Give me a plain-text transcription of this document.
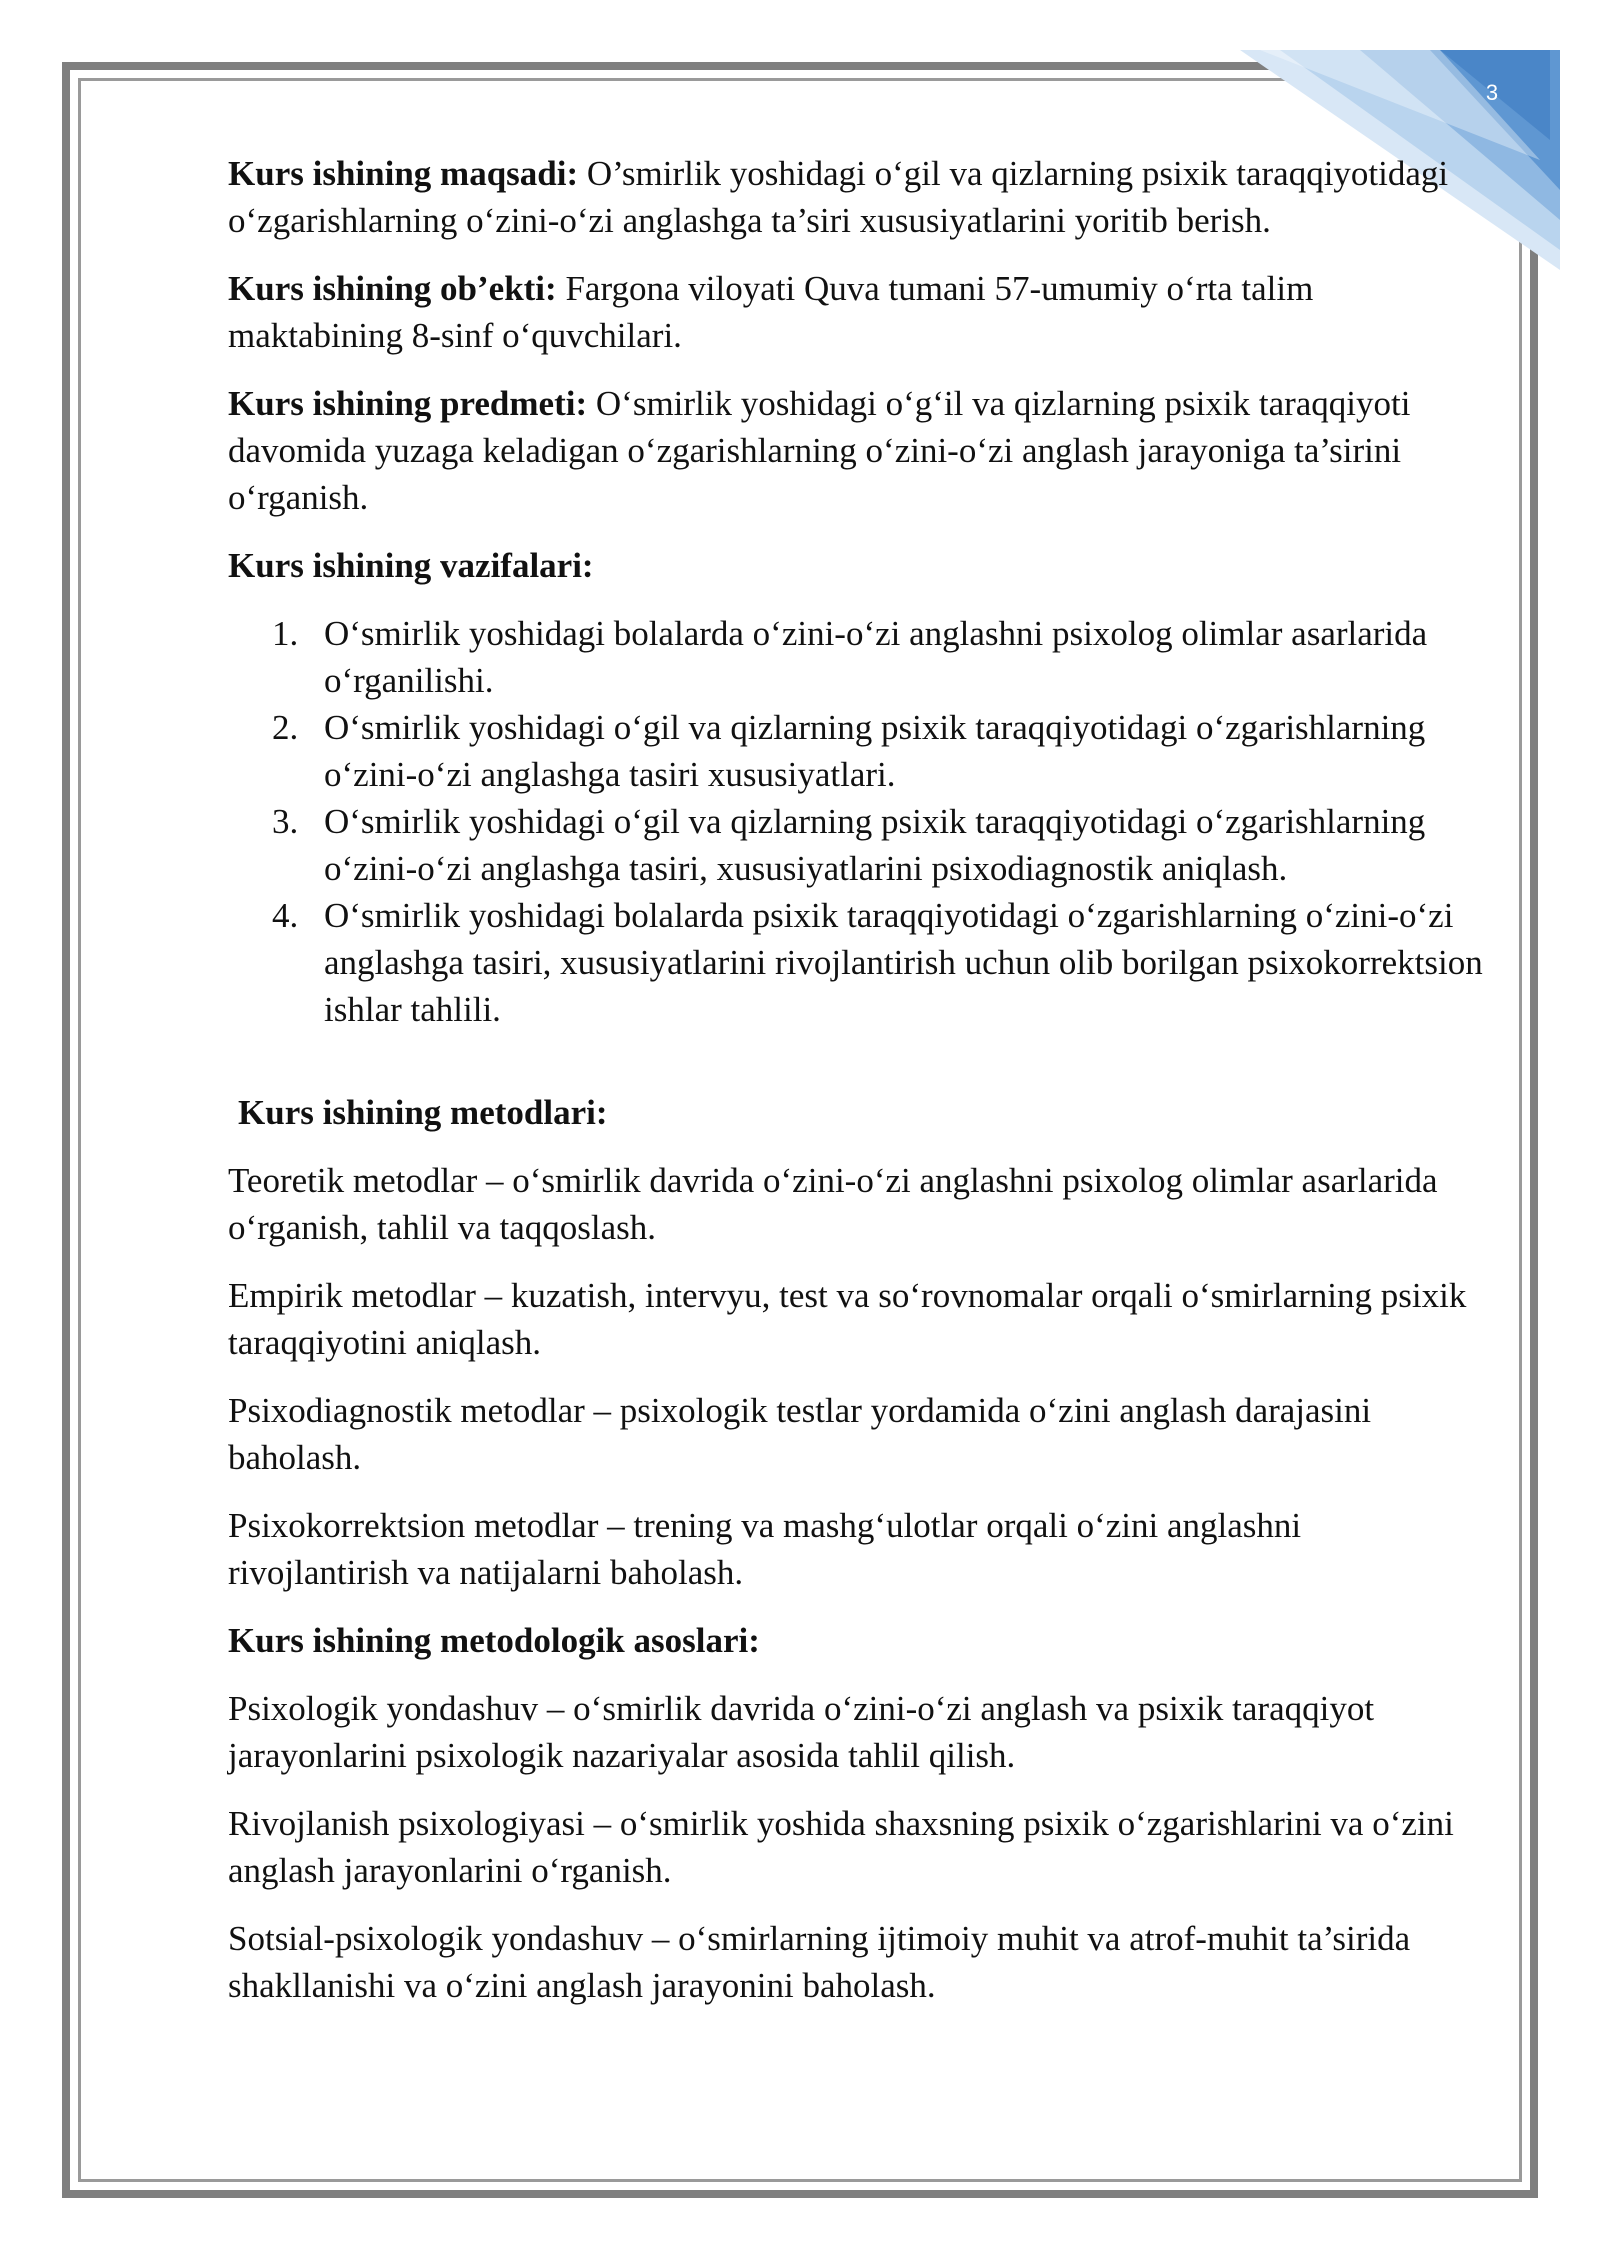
3

Kurs ishining maqsadi: O’smirlik yoshidagi o‘gil va qizlarning psixik taraqqiyotidagi o‘zgarishlarning o‘zini-o‘zi anglashga ta’siri xususiyatlarini yoritib berish.

Kurs ishining ob’ekti: Fargona viloyati Quva tumani 57-umumiy o‘rta talim maktabining 8-sinf o‘quvchilari.

Kurs ishining predmeti: O‘smirlik yoshidagi o‘g‘il va qizlarning psixik taraqqiyoti davomida yuzaga keladigan o‘zgarishlarning o‘zini-o‘zi anglash jarayoniga ta’sirini o‘rganish.

Kurs ishining vazifalari:

1. O‘smirlik yoshidagi bolalarda o‘zini-o‘zi anglashni psixolog olimlar asarlarida o‘rganilishi.
2. O‘smirlik yoshidagi o‘gil va qizlarning psixik taraqqiyotidagi o‘zgarishlarning o‘zini-o‘zi anglashga tasiri xususiyatlari.
3. O‘smirlik yoshidagi o‘gil va qizlarning psixik taraqqiyotidagi o‘zgarishlarning o‘zini-o‘zi anglashga tasiri, xususiyatlarini psixodiagnostik aniqlash.
4. O‘smirlik yoshidagi bolalarda psixik taraqqiyotidagi o‘zgarishlarning o‘zini-o‘zi anglashga tasiri, xususiyatlarini rivojlantirish uchun olib borilgan psixokorrektsion ishlar tahlili.

Kurs ishining metodlari:

Teoretik metodlar – o‘smirlik davrida o‘zini-o‘zi anglashni psixolog olimlar asarlarida o‘rganish, tahlil va taqqoslash.

Empirik metodlar – kuzatish, intervyu, test va so‘rovnomalar orqali o‘smirlarning psixik taraqqiyotini aniqlash.

Psixodiagnostik metodlar – psixologik testlar yordamida o‘zini anglash darajasini baholash.

Psixokorrektsion metodlar – trening va mashg‘ulotlar orqali o‘zini anglashni rivojlantirish va natijalarni baholash.

Kurs ishining metodologik asoslari:

Psixologik yondashuv – o‘smirlik davrida o‘zini-o‘zi anglash va psixik taraqqiyot jarayonlarini psixologik nazariyalar asosida tahlil qilish.

Rivojlanish psixologiyasi – o‘smirlik yoshida shaxsning psixik o‘zgarishlarini va o‘zini anglash jarayonlarini o‘rganish.

Sotsial-psixologik yondashuv – o‘smirlarning ijtimoiy muhit va atrof-muhit ta’sirida shakllanishi va o‘zini anglash jarayonini baholash.
